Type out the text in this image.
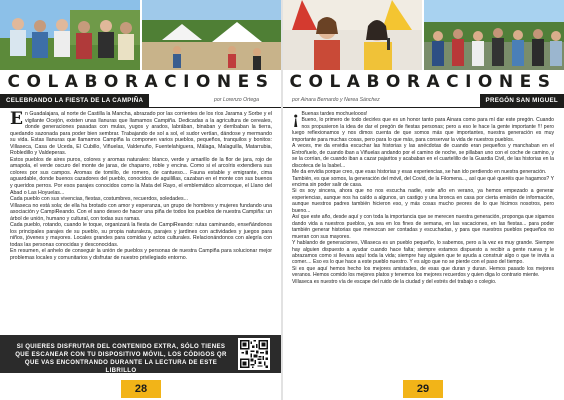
COLABORACIONES
CELEBRANDO LA FIESTA DE LA CAMPIÑA	por Lorenzo Ortega

En Guadalajara, al norte de Castilla la Mancha, abrazado por las corrientes de los ríos Jarama y Sorbe y el vigilante Ocejón, existen unas llanuras que llamamos Campiña. Dedicadas a la agricultura de cereales, donde generaciones pasadas con mulas, yugos y arados, labrában, binaban y derribaban la tierra, quedando sazonada para poder bien sembrar. Trabajando de sol a sol, el sudor vertían, dándose y mermando su vida. Estas llanuras que llamamos Campiña la componen varios pueblos, pequeños, tranquilos y bonitos: Villaseca, Casa de Uceda, El Cubillo, Viñuelas, Valdenuño, Fuentelahiguera, Málaga, Malaguilla, Matarrubia, Robledillo y Valdeperas.

Estos pueblos de aires puros, colores y aromas naturales: blanco, verde y amarillo de la flor de jara, rojo de amapola, el verde oscuro del monte de jaras, de chaparro, roble y encina. Como si el arcoíris extendiera sus colores por sus campos. Aromas de tomillo, de romero, de cantueso... Fauna estable y emigrante, cima aguardable, donde buenos cazadores del pueblo, conocidos de aguilillas, cazaban en el monte con sus buenos y queridos perros. Por esos parajes conocidos como la Mata del Rayo, el emblemático alcornoque, el Llano del Abad o Las Hoyuelas...

Cada pueblo con sus vivencias, fiestas, costumbres, recuerdos, soledades...

Villaseca no está sola; de ella ha brotado con amor y esperanza, un grupo de hombres y mujeres fundando una asociación y CampiReando. Con el sano deseo de hacer una piña de todos los pueblos de nuestra Campiña: un árbol de unión, humano y cultural, con todas sus ramas.

Cada pueblo, rotando, cuando le toque, organizará la fiesta de CampiReando: rutas caminando, enseñándonos los principales parajes de su pueblo, su propia naturaleza, parajes y jardines con actividades y juegos para niños, jóvenes y mayores. Locales grandes para comidas y actos culturales. Relacionándonos con alegría con todas las personas conocidas y desconocidas.

En resumen, el anhelo de conseguir la unión de pueblos y personas de nuestra Campiña para solucionar mejor problemas locales y comunitarios y disfrutar de nuestro privilegiado entorno.

SI QUIERES DISFRUTAR DEL CONTENIDO EXTRA, SÓLO TIENES QUE ESCANEAR CON TU DISPOSITIVO MÓVIL, LOS CÓDIGOS QR QUE VAS ENCONTRANDO DURANTE LA LECTURA DE ESTE LIBRILLO
28
COLABORACIONES
por Ainara Bernardo y Nerea Sánchez	PREGÓN SAN MIGUEL

¡ Buenas tardes mochuelooos!

Bueno, lo primero de todo decirles que es un honor tanto para Ainara como para mí dar este pregón. Cuando nos propusieron la idea de dar el pregón de fiestas personas; pero a eso le hace la gente importante !!! pero luego reflexionamos y nos dimos cuenta de que somos más que importantes, nuestra generación es muy importante para muchas cosas, pero para lo que más, para conservar la vida de nuestros pueblos.

A veces, me da envidia escuchar las historias y las anécdotas de cuando eran pequeños y manchaban en el Entroñuelo, de cuando iban a Viñuelas andando por el camino de noche, se pillaban uno con el coche de camino, y se la corrían, de cuando iban a cazar pajaritos y acababan en el cuartelillo de la Guardia Civil, de las historias en la discoteca de la Isabel...

Me da envidia porque creo, que esas historias y esas experiencias, se han ido perdiendo en nuestra generación.

También, es que somos, la generación del móvil, del Covid, de la Filomena..., así que qué queréis que hagamos? Y encima sin poder salir de casa.

Si os soy sincera, ahora que no nos escucha nadie, este año en verano, ya hemos empezado a generar experiencias, aunque nos ha caído a algunos, un castigo y una bronca en casa por cierta emisión de información, aunque nuestros padres también hicieron eso, y más cosas mucho peores de lo que hicimos nosotros, pero bueno...

Así que este año, desde aquí y con toda la importancia que se merecen nuestra generación, proponga que sigamos dando vida a nuestros pueblos, ya sea en los fines de semana, en las vacaciones, en las fiestas... para poder también generar historias que merezcan ser contadas y escuchadas, y para que nuestros pueblos pequeños no mueran con sus mayores.

Y hablando de generaciones, Villaseca es un pueblo pequeño, lo sabemos, pero a la vez es muy grande. Siempre hay alguien dispuesto a ayudar cuando hace falta; siempre estamos dispuesto a recibir a gente nueva y le abrazamos como si llevara aquí toda la vida; siempre hay alguien que te ayuda a construir algo o que te invita a comer.... Eso es lo que hace a este pueblo nuestro. Y es algo que no se pierde con el paso del tiempo.

Si es que aquí hemos hecho los mejores amistades, de esas que duran y duran. Hemos pasado los mejores veranos. Hemos comido los mejores platos y tenemos los mejores recuerdos y quien diga lo contrario miente.

Villaseca es nuestro vía de escape del ruido de la ciudad y del estrés del trabajo o colegio.

29
